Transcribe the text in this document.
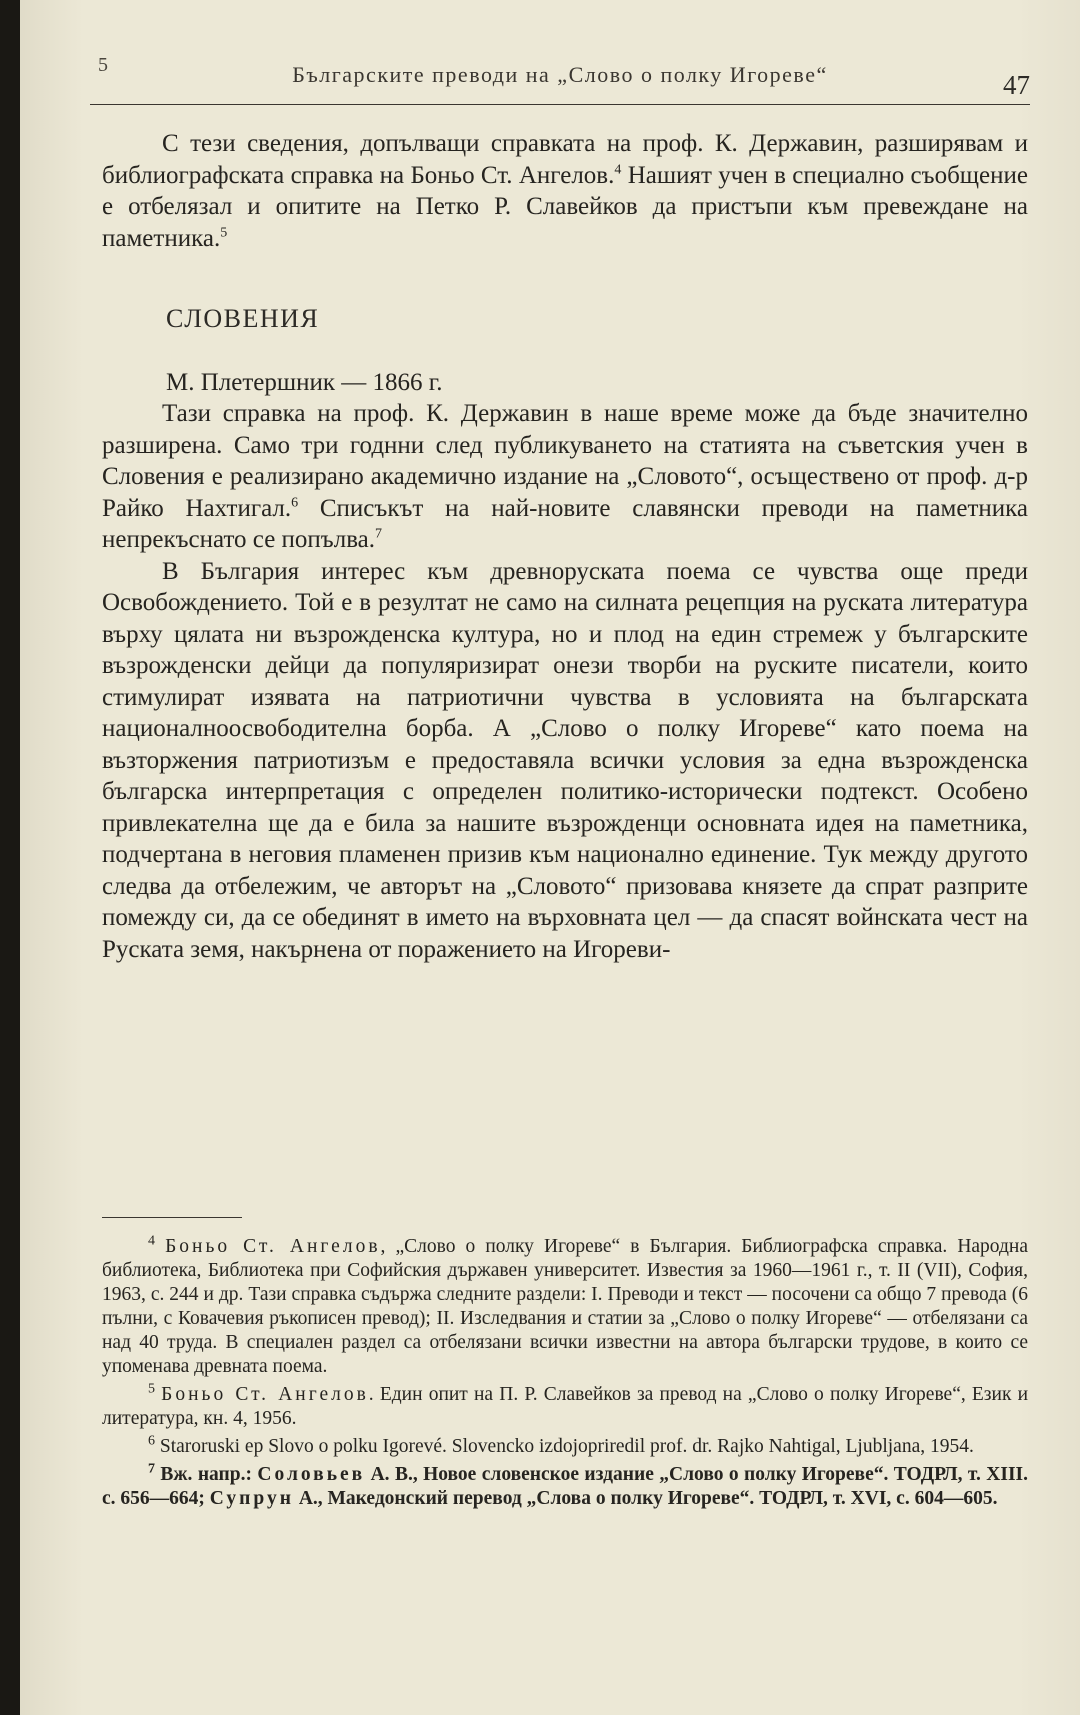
5	Българските преводи на „Слово о полку Игореве“	47

С тези сведения, допълващи справката на проф. К. Державин, разширявам и библиографската справка на Боньо Ст. Ангелов.$^4$ Нашият учен в специално съобщение е отбелязал и опитите на Петко Р. Славейков да пристъпи към превеждане на паметника.$^5$

СЛОВЕНИЯ
М. Плетершник — 1866 г.

Тази справка на проф. К. Державин в наше време може да бъде значително разширена. Само три годнни след публикуването на статията на съветския учен в Словения е реализирано академично издание на „Словото“, осъществено от проф. д-р Райко Нахтигал.$^6$ Списъкът на най-новите славянски преводи на паметника непрекъснато се попълва.$^7$

В България интерес към древноруската поема се чувства още преди Освобождението. Той е в резултат не само на силната рецепция на руската литература върху цялата ни възрожденска култура, но и плод на един стремеж у българските възрожденски дейци да популяризират онези творби на руските писатели, които стимулират изявата на патриотични чувства в условията на българската националноосвободителна борба. А „Слово о полку Игореве“ като поема на възторжения патриотизъм е предоставяла всички условия за една възрожденска българска интерпретация с определен политико-исторически подтекст. Особено привлекателна ще да е била за нашите възрожденци основната идея на паметника, подчертана в неговия пламенен призив към национално единение. Тук между другото следва да отбележим, че авторът на „Словото“ призовава князете да спрат разприте помежду си, да се обединят в името на върховната цел — да спасят войнската чест на Руската земя, накърнена от поражението на Игореви-

$^4$ Боньо Ст. Ангелов, „Слово о полку Игореве“ в България. Библиографска справка. Народна библиотека, Библиотека при Софийския държавен университет. Известия за 1960—1961 г., т. II (VII), София, 1963, с. 244 и др. Тази справка съдържа следните раздели: I. Преводи и текст — посочени са общо 7 превода (6 пълни, с Ковачевия ръкописен превод); II. Изследвания и статии за „Слово о полку Игореве“ — отбелязани са над 40 труда. В специален раздел са отбелязани всички известни на автора български трудове, в които се упоменава древната поема.

$^5$ Боньо Ст. Ангелов. Един опит на П. Р. Славейков за превод на „Слово о полку Игореве“, Език и литература, кн. 4, 1956.

$^6$ Staroruski ep Slovo o polku Igorevé. Slovencko izdojopriredil prof. dr. Rajko Nahtigal, Ljubljana, 1954.

$^7$ Вж. напр.: Соловьев А. В., Новое словенское издание „Слово о полку Игореве“. ТОДРЛ, т. XIII. с. 656—664; Супрун А., Македонский перевод „Слова о полку Игореве“. ТОДРЛ, т. XVI, с. 604—605.
